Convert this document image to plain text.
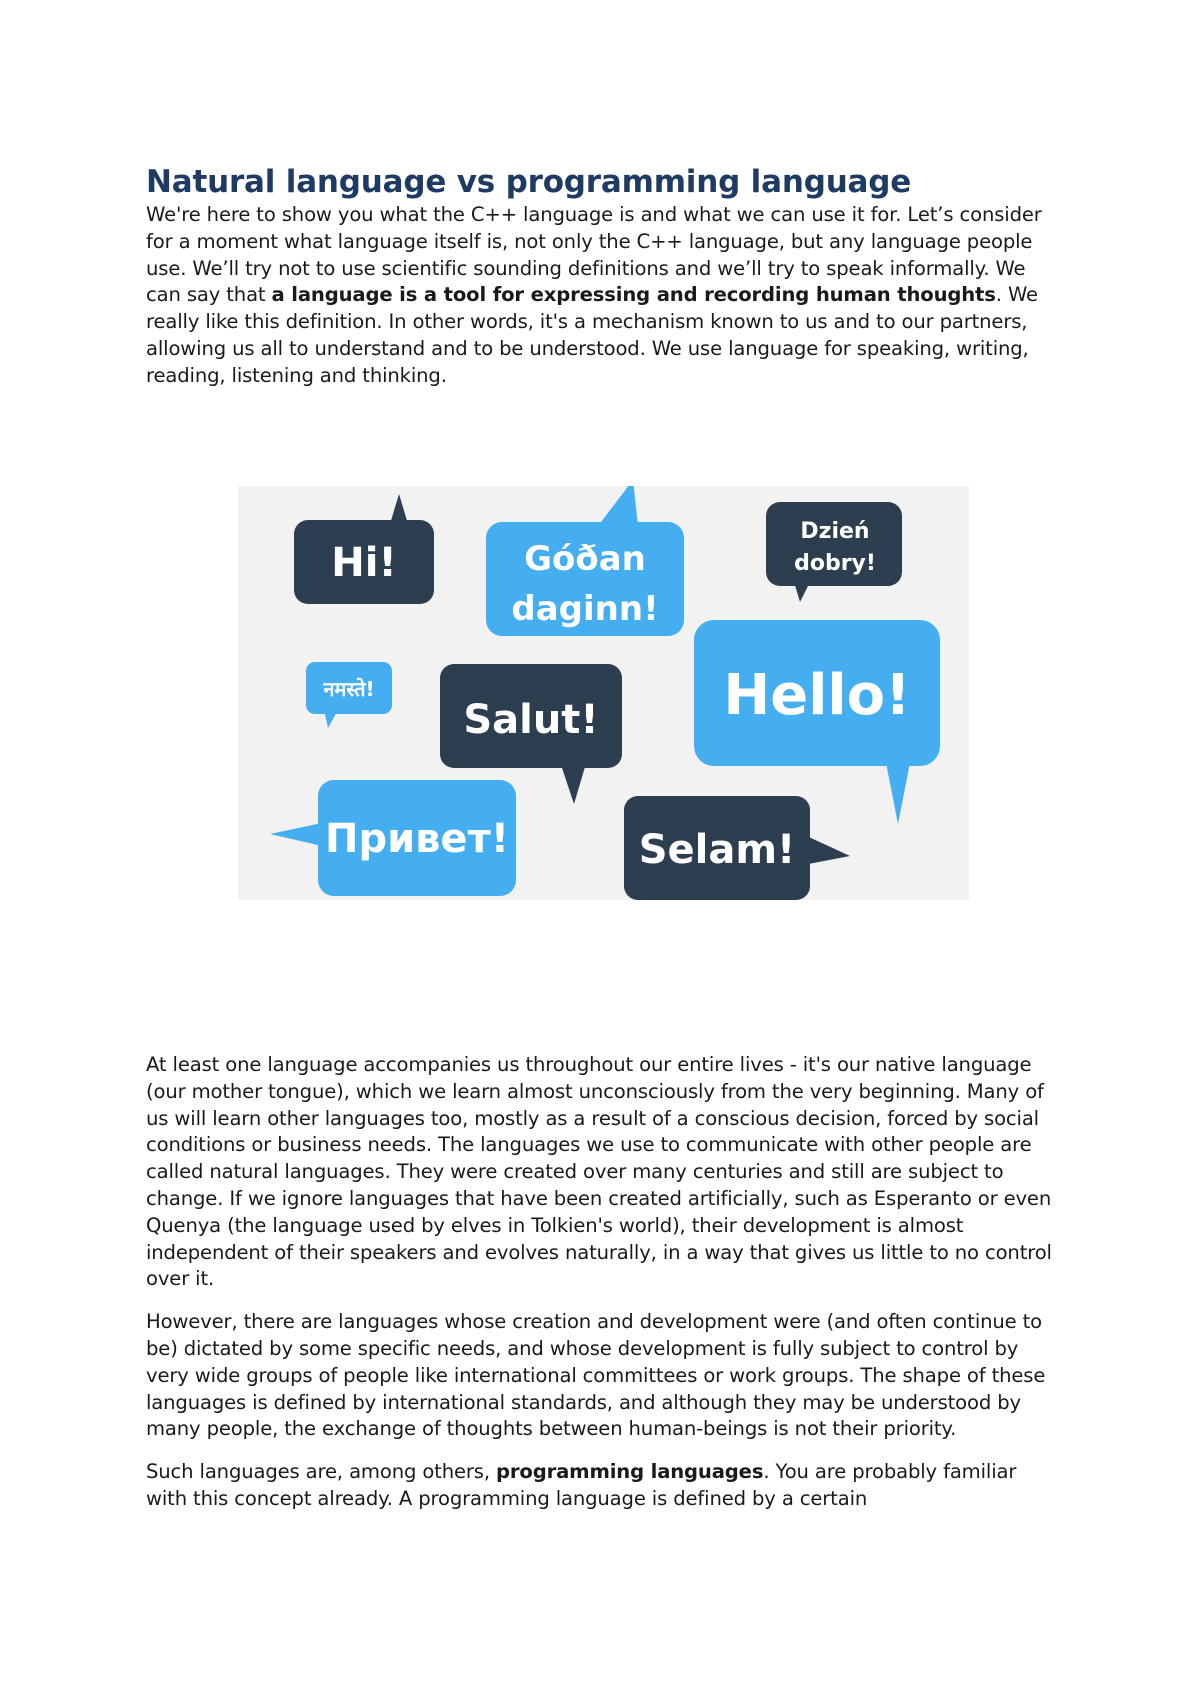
Natural language vs programming language

We're here to show you what the C++ language is and what we can use it for. Let’s consider for a moment what language itself is, not only the C++ language, but any language people use. We’ll try not to use scientific sounding definitions and we’ll try to speak informally. We can say that a language is a tool for expressing and recording human thoughts. We really like this definition. In other words, it's a mechanism known to us and to our partners, allowing us all to understand and to be understood. We use language for speaking, writing, reading, listening and thinking.

Hi!	Góðan
daginn!
Dzień
dobry!
नमस्ते!
Salut! Hello!
Привет!	Selam!

At least one language accompanies us throughout our entire lives - it's our native language (our mother tongue), which we learn almost unconsciously from the very beginning. Many of us will learn other languages too, mostly as a result of a conscious decision, forced by social conditions or business needs. The languages we use to communicate with other people are called natural languages. They were created over many centuries and still are subject to change. If we ignore languages that have been created artificially, such as Esperanto or even Quenya (the language used by elves in Tolkien's world), their development is almost independent of their speakers and evolves naturally, in a way that gives us little to no control over it.

However, there are languages whose creation and development were (and often continue to be) dictated by some specific needs, and whose development is fully subject to control by very wide groups of people like international committees or work groups. The shape of these languages is defined by international standards, and although they may be understood by many people, the exchange of thoughts between human-beings is not their priority.

Such languages are, among others, programming languages. You are probably familiar with this concept already. A programming language is defined by a certain
